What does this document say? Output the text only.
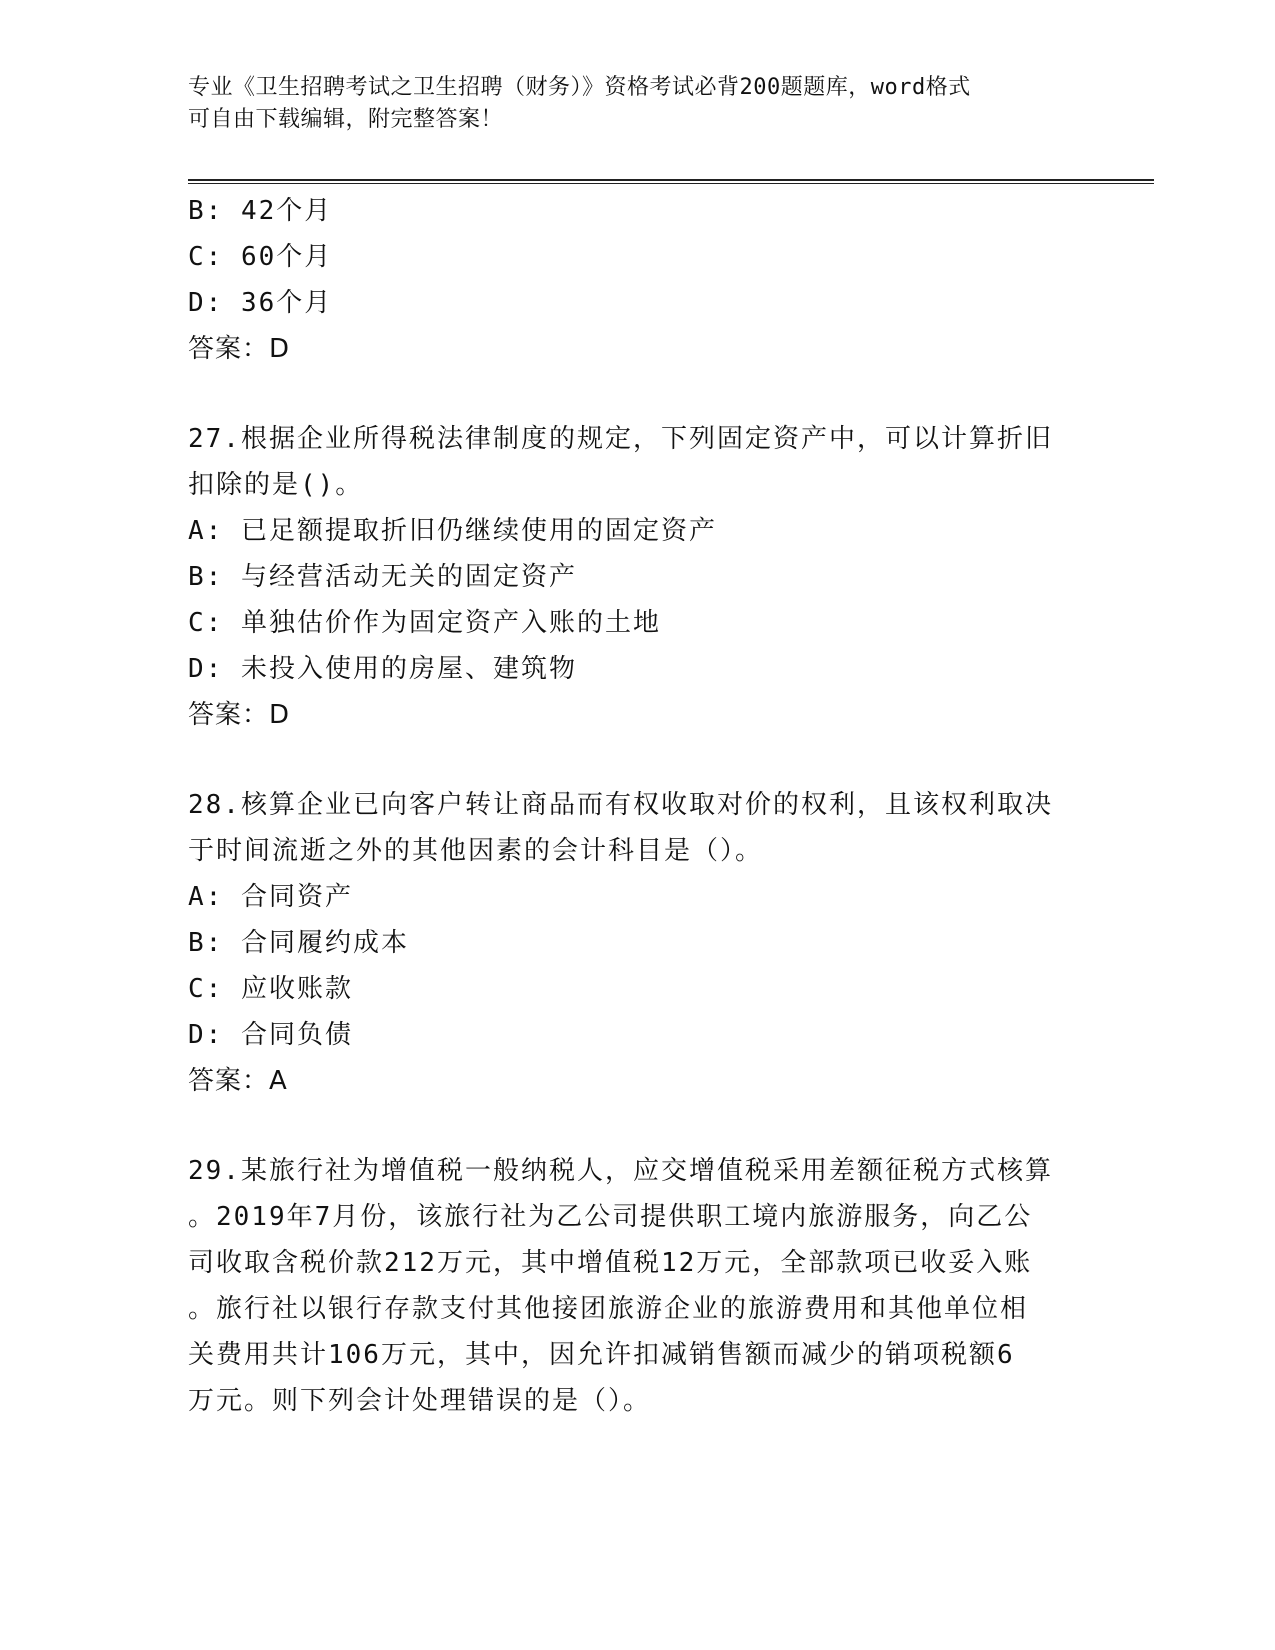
专业《卫生招聘考试之卫生招聘（财务）》资格考试必背200题题库，word格式
可自由下载编辑，附完整答案！
B: 42个月
C: 60个月
D: 36个月
答案：D
27.根据企业所得税法律制度的规定，下列固定资产中，可以计算折旧
扣除的是()。
A: 已足额提取折旧仍继续使用的固定资产
B: 与经营活动无关的固定资产
C: 单独估价作为固定资产入账的土地
D: 未投入使用的房屋、建筑物
答案：D
28.核算企业已向客户转让商品而有权收取对价的权利，且该权利取决
于时间流逝之外的其他因素的会计科目是（）。
A: 合同资产
B: 合同履约成本
C: 应收账款
D: 合同负债
答案：A
29.某旅行社为增值税一般纳税人，应交增值税采用差额征税方式核算
。2019年7月份，该旅行社为乙公司提供职工境内旅游服务，向乙公
司收取含税价款212万元，其中增值税12万元，全部款项已收妥入账
。旅行社以银行存款支付其他接团旅游企业的旅游费用和其他单位相
关费用共计106万元，其中，因允许扣减销售额而减少的销项税额6
万元。则下列会计处理错误的是（）。
